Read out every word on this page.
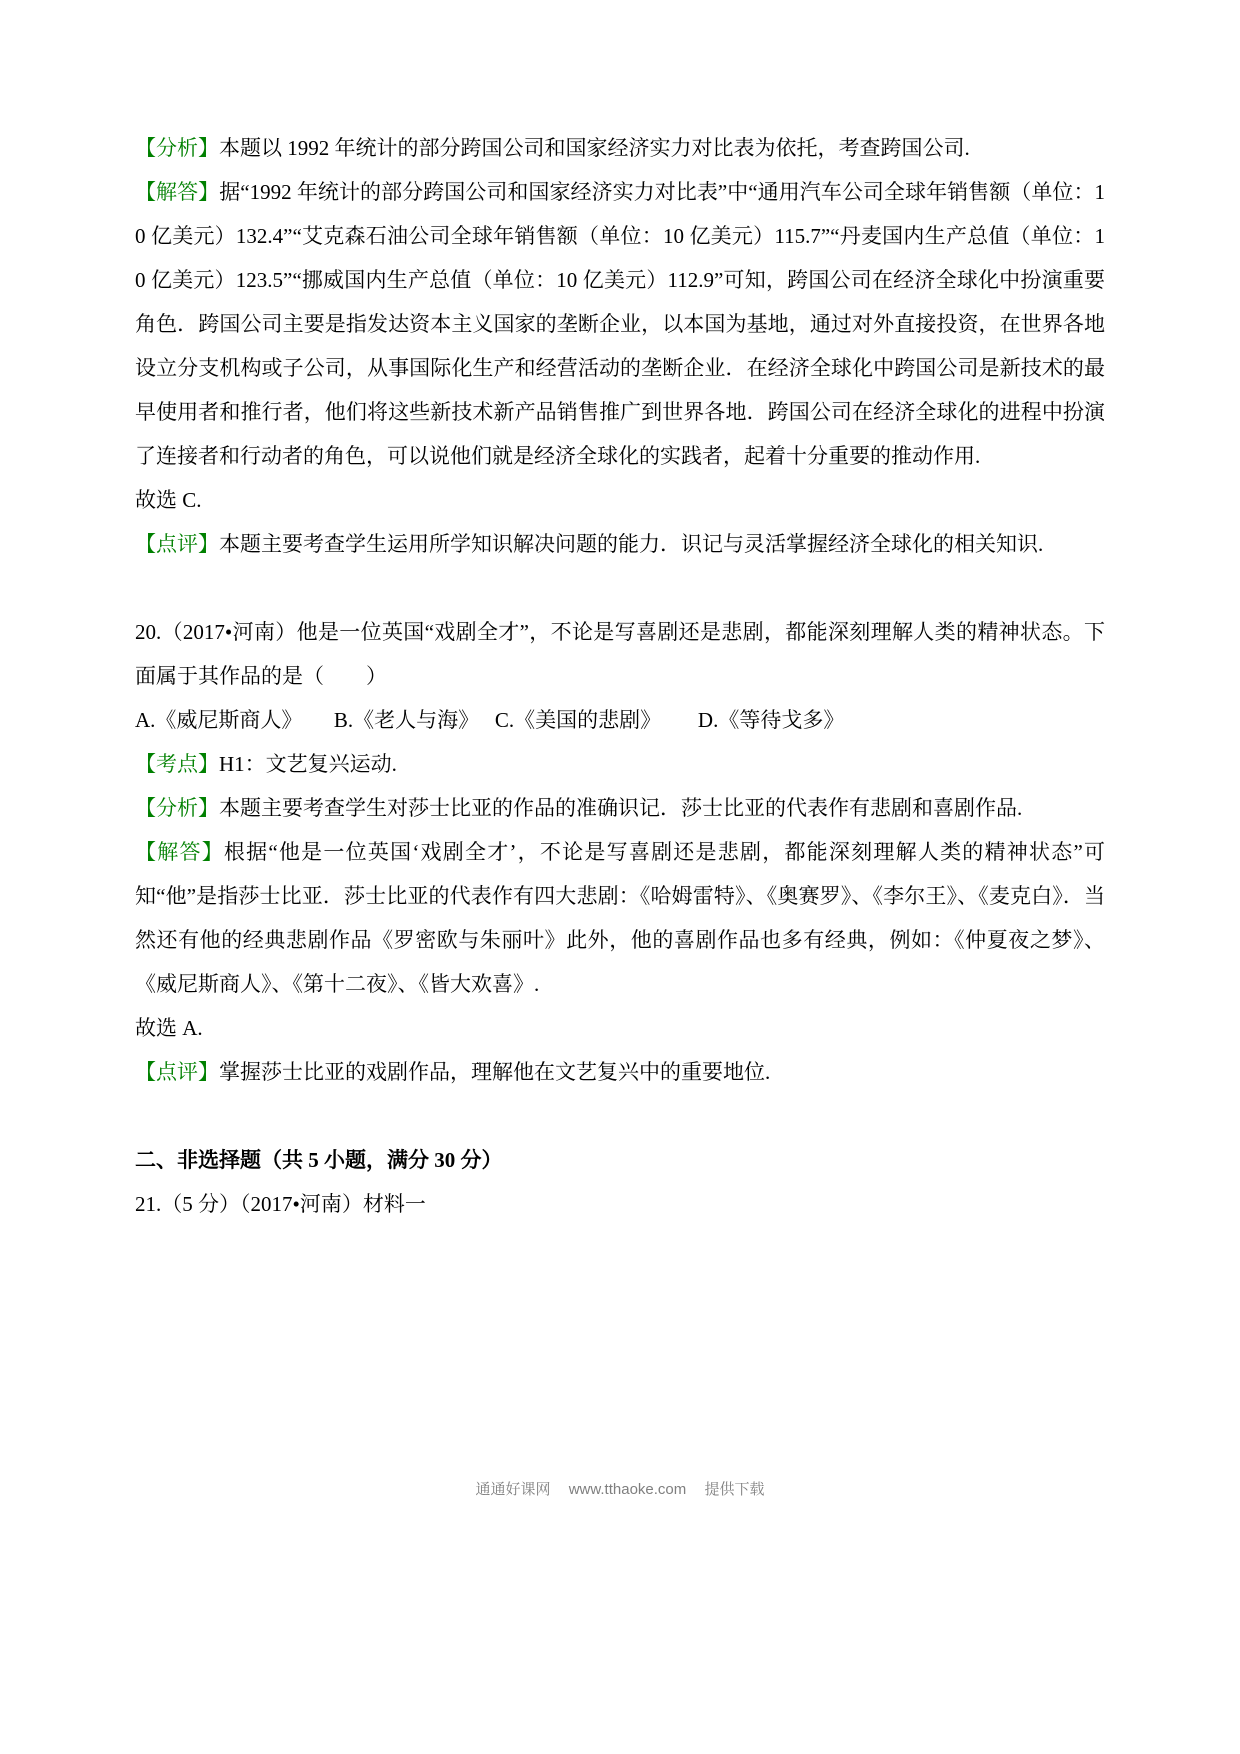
【分析】本题以 1992 年统计的部分跨国公司和国家经济实力对比表为依托，考查跨国公司.
【解答】据“1992 年统计的部分跨国公司和国家经济实力对比表”中“通用汽车公司全球年销售额（单位：10 亿美元）132.4”“艾克森石油公司全球年销售额（单位：10 亿美元）115.7”“丹麦国内生产总值（单位：10 亿美元）123.5”“挪威国内生产总值（单位：10 亿美元）112.9”可知，跨国公司在经济全球化中扮演重要角色．跨国公司主要是指发达资本主义国家的垄断企业，以本国为基地，通过对外直接投资，在世界各地设立分支机构或子公司，从事国际化生产和经营活动的垄断企业．在经济全球化中跨国公司是新技术的最早使用者和推行者，他们将这些新技术新产品销售推广到世界各地．跨国公司在经济全球化的进程中扮演了连接者和行动者的角色，可以说他们就是经济全球化的实践者，起着十分重要的推动作用.
故选 C.
【点评】本题主要考查学生运用所学知识解决问题的能力．识记与灵活掌握经济全球化的相关知识.
20.（2017•河南）他是一位英国“戏剧全才”，不论是写喜剧还是悲剧，都能深刻理解人类的精神状态。下面属于其作品的是（　　）
A.《威尼斯商人》　　B.《老人与海》　 C.《美国的悲剧》　　 D.《等待戈多》
【考点】H1：文艺复兴运动.
【分析】本题主要考查学生对莎士比亚的作品的准确识记．莎士比亚的代表作有悲剧和喜剧作品.
【解答】根据“他是一位英国‘戏剧全才’，不论是写喜剧还是悲剧，都能深刻理解人类的精神状态”可知“他”是指莎士比亚．莎士比亚的代表作有四大悲剧：《哈姆雷特》、《奥赛罗》、《李尔王》、《麦克白》．当然还有他的经典悲剧作品《罗密欧与朱丽叶》此外，他的喜剧作品也多有经典，例如：《仲夏夜之梦》、《威尼斯商人》、《第十二夜》、《皆大欢喜》.
故选 A.
【点评】掌握莎士比亚的戏剧作品，理解他在文艺复兴中的重要地位.
二、非选择题（共 5 小题，满分 30 分）
21.（5 分）（2017•河南）材料一
通通好课网 www.tthaoke.com 提供下载
